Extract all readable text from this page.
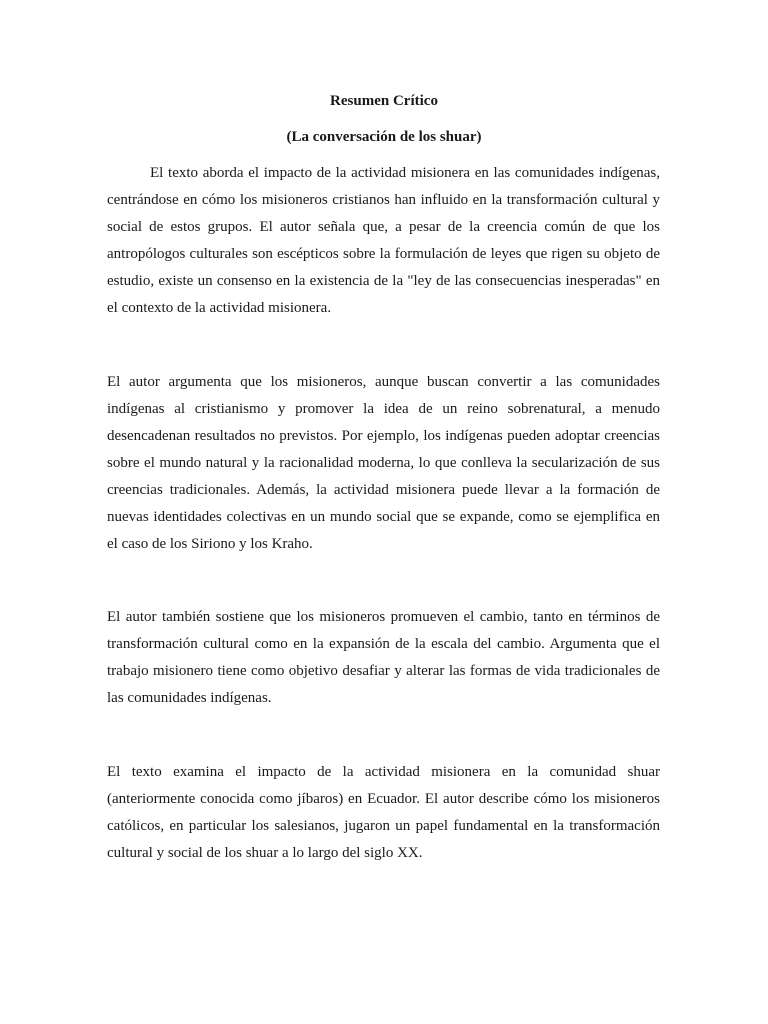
Resumen Crítico
(La conversación de los shuar)

El texto aborda el impacto de la actividad misionera en las comunidades indígenas, centrándose en cómo los misioneros cristianos han influido en la transformación cultural y social de estos grupos. El autor señala que, a pesar de la creencia común de que los antropólogos culturales son escépticos sobre la formulación de leyes que rigen su objeto de estudio, existe un consenso en la existencia de la "ley de las consecuencias inesperadas" en el contexto de la actividad misionera.

El autor argumenta que los misioneros, aunque buscan convertir a las comunidades indígenas al cristianismo y promover la idea de un reino sobrenatural, a menudo desencadenan resultados no previstos. Por ejemplo, los indígenas pueden adoptar creencias sobre el mundo natural y la racionalidad moderna, lo que conlleva la secularización de sus creencias tradicionales. Además, la actividad misionera puede llevar a la formación de nuevas identidades colectivas en un mundo social que se expande, como se ejemplifica en el caso de los Siriono y los Kraho.

El autor también sostiene que los misioneros promueven el cambio, tanto en términos de transformación cultural como en la expansión de la escala del cambio. Argumenta que el trabajo misionero tiene como objetivo desafiar y alterar las formas de vida tradicionales de las comunidades indígenas.

El texto examina el impacto de la actividad misionera en la comunidad shuar (anteriormente conocida como jíbaros) en Ecuador. El autor describe cómo los misioneros católicos, en particular los salesianos, jugaron un papel fundamental en la transformación cultural y social de los shuar a lo largo del siglo XX.
